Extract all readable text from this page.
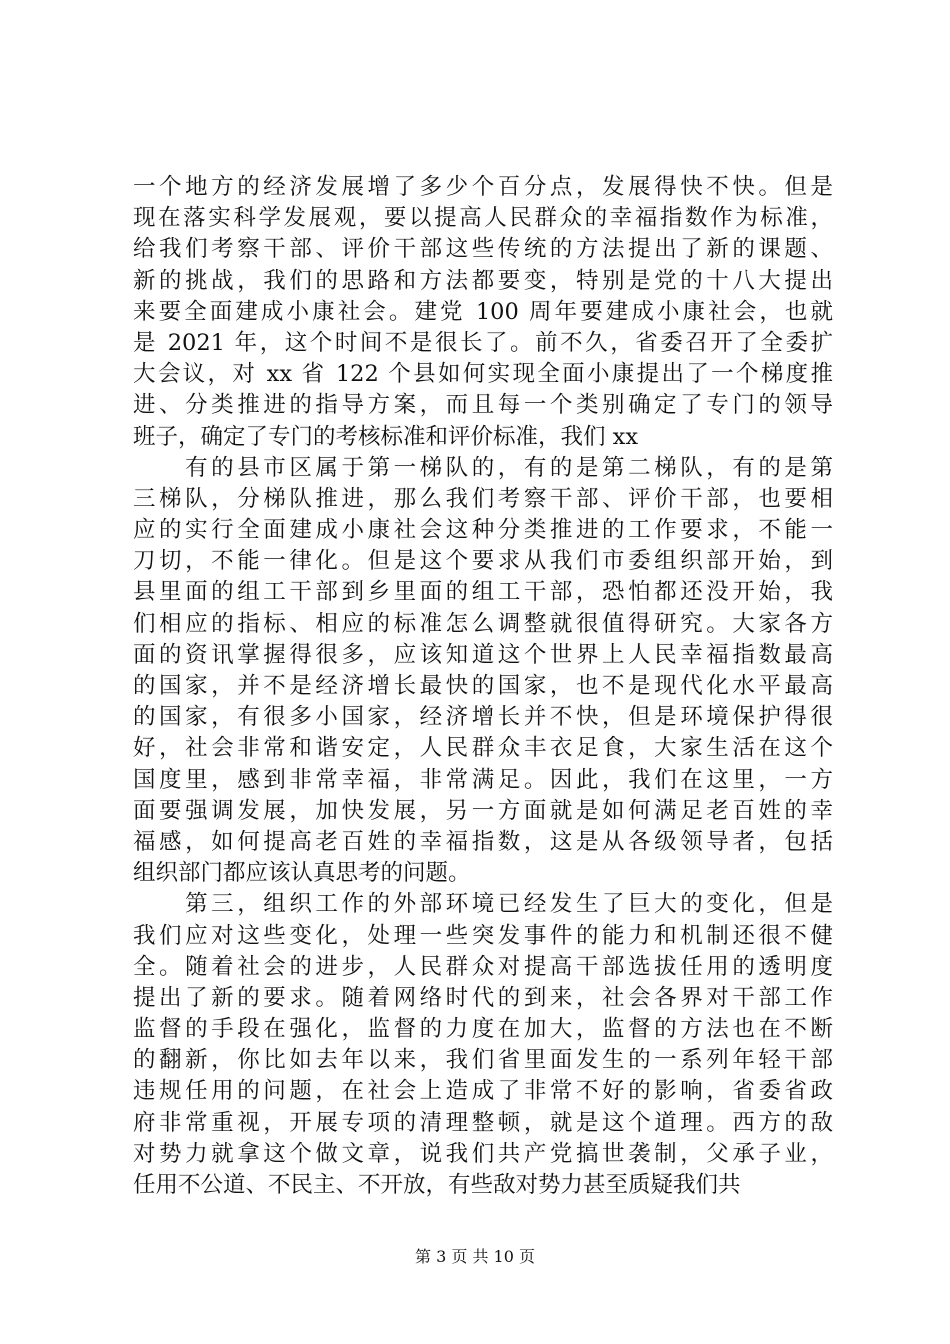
一个地方的经济发展增了多少个百分点，发展得快不快。但是
现在落实科学发展观，要以提高人民群众的幸福指数作为标准，
给我们考察干部、评价干部这些传统的方法提出了新的课题、
新的挑战，我们的思路和方法都要变，特别是党的十八大提出
来要全面建成小康社会。建党 100 周年要建成小康社会，也就
是 2021 年，这个时间不是很长了。前不久，省委召开了全委扩
大会议，对 xx 省 122 个县如何实现全面小康提出了一个梯度推
进、分类推进的指导方案，而且每一个类别确定了专门的领导
班子，确定了专门的考核标准和评价标准，我们 xx
　　有的县市区属于第一梯队的，有的是第二梯队，有的是第
三梯队，分梯队推进，那么我们考察干部、评价干部，也要相
应的实行全面建成小康社会这种分类推进的工作要求，不能一
刀切，不能一律化。但是这个要求从我们市委组织部开始，到
县里面的组工干部到乡里面的组工干部，恐怕都还没开始，我
们相应的指标、相应的标准怎么调整就很值得研究。大家各方
面的资讯掌握得很多，应该知道这个世界上人民幸福指数最高
的国家，并不是经济增长最快的国家，也不是现代化水平最高
的国家，有很多小国家，经济增长并不快，但是环境保护得很
好，社会非常和谐安定，人民群众丰衣足食，大家生活在这个
国度里，感到非常幸福，非常满足。因此，我们在这里，一方
面要强调发展，加快发展，另一方面就是如何满足老百姓的幸
福感，如何提高老百姓的幸福指数，这是从各级领导者，包括
组织部门都应该认真思考的问题。
　　第三，组织工作的外部环境已经发生了巨大的变化，但是
我们应对这些变化，处理一些突发事件的能力和机制还很不健
全。随着社会的进步，人民群众对提高干部选拔任用的透明度
提出了新的要求。随着网络时代的到来，社会各界对干部工作
监督的手段在强化，监督的力度在加大，监督的方法也在不断
的翻新，你比如去年以来，我们省里面发生的一系列年轻干部
违规任用的问题，在社会上造成了非常不好的影响，省委省政
府非常重视，开展专项的清理整顿，就是这个道理。西方的敌
对势力就拿这个做文章，说我们共产党搞世袭制，父承子业，
任用不公道、不民主、不开放，有些敌对势力甚至质疑我们共
第 3 页 共 10 页
